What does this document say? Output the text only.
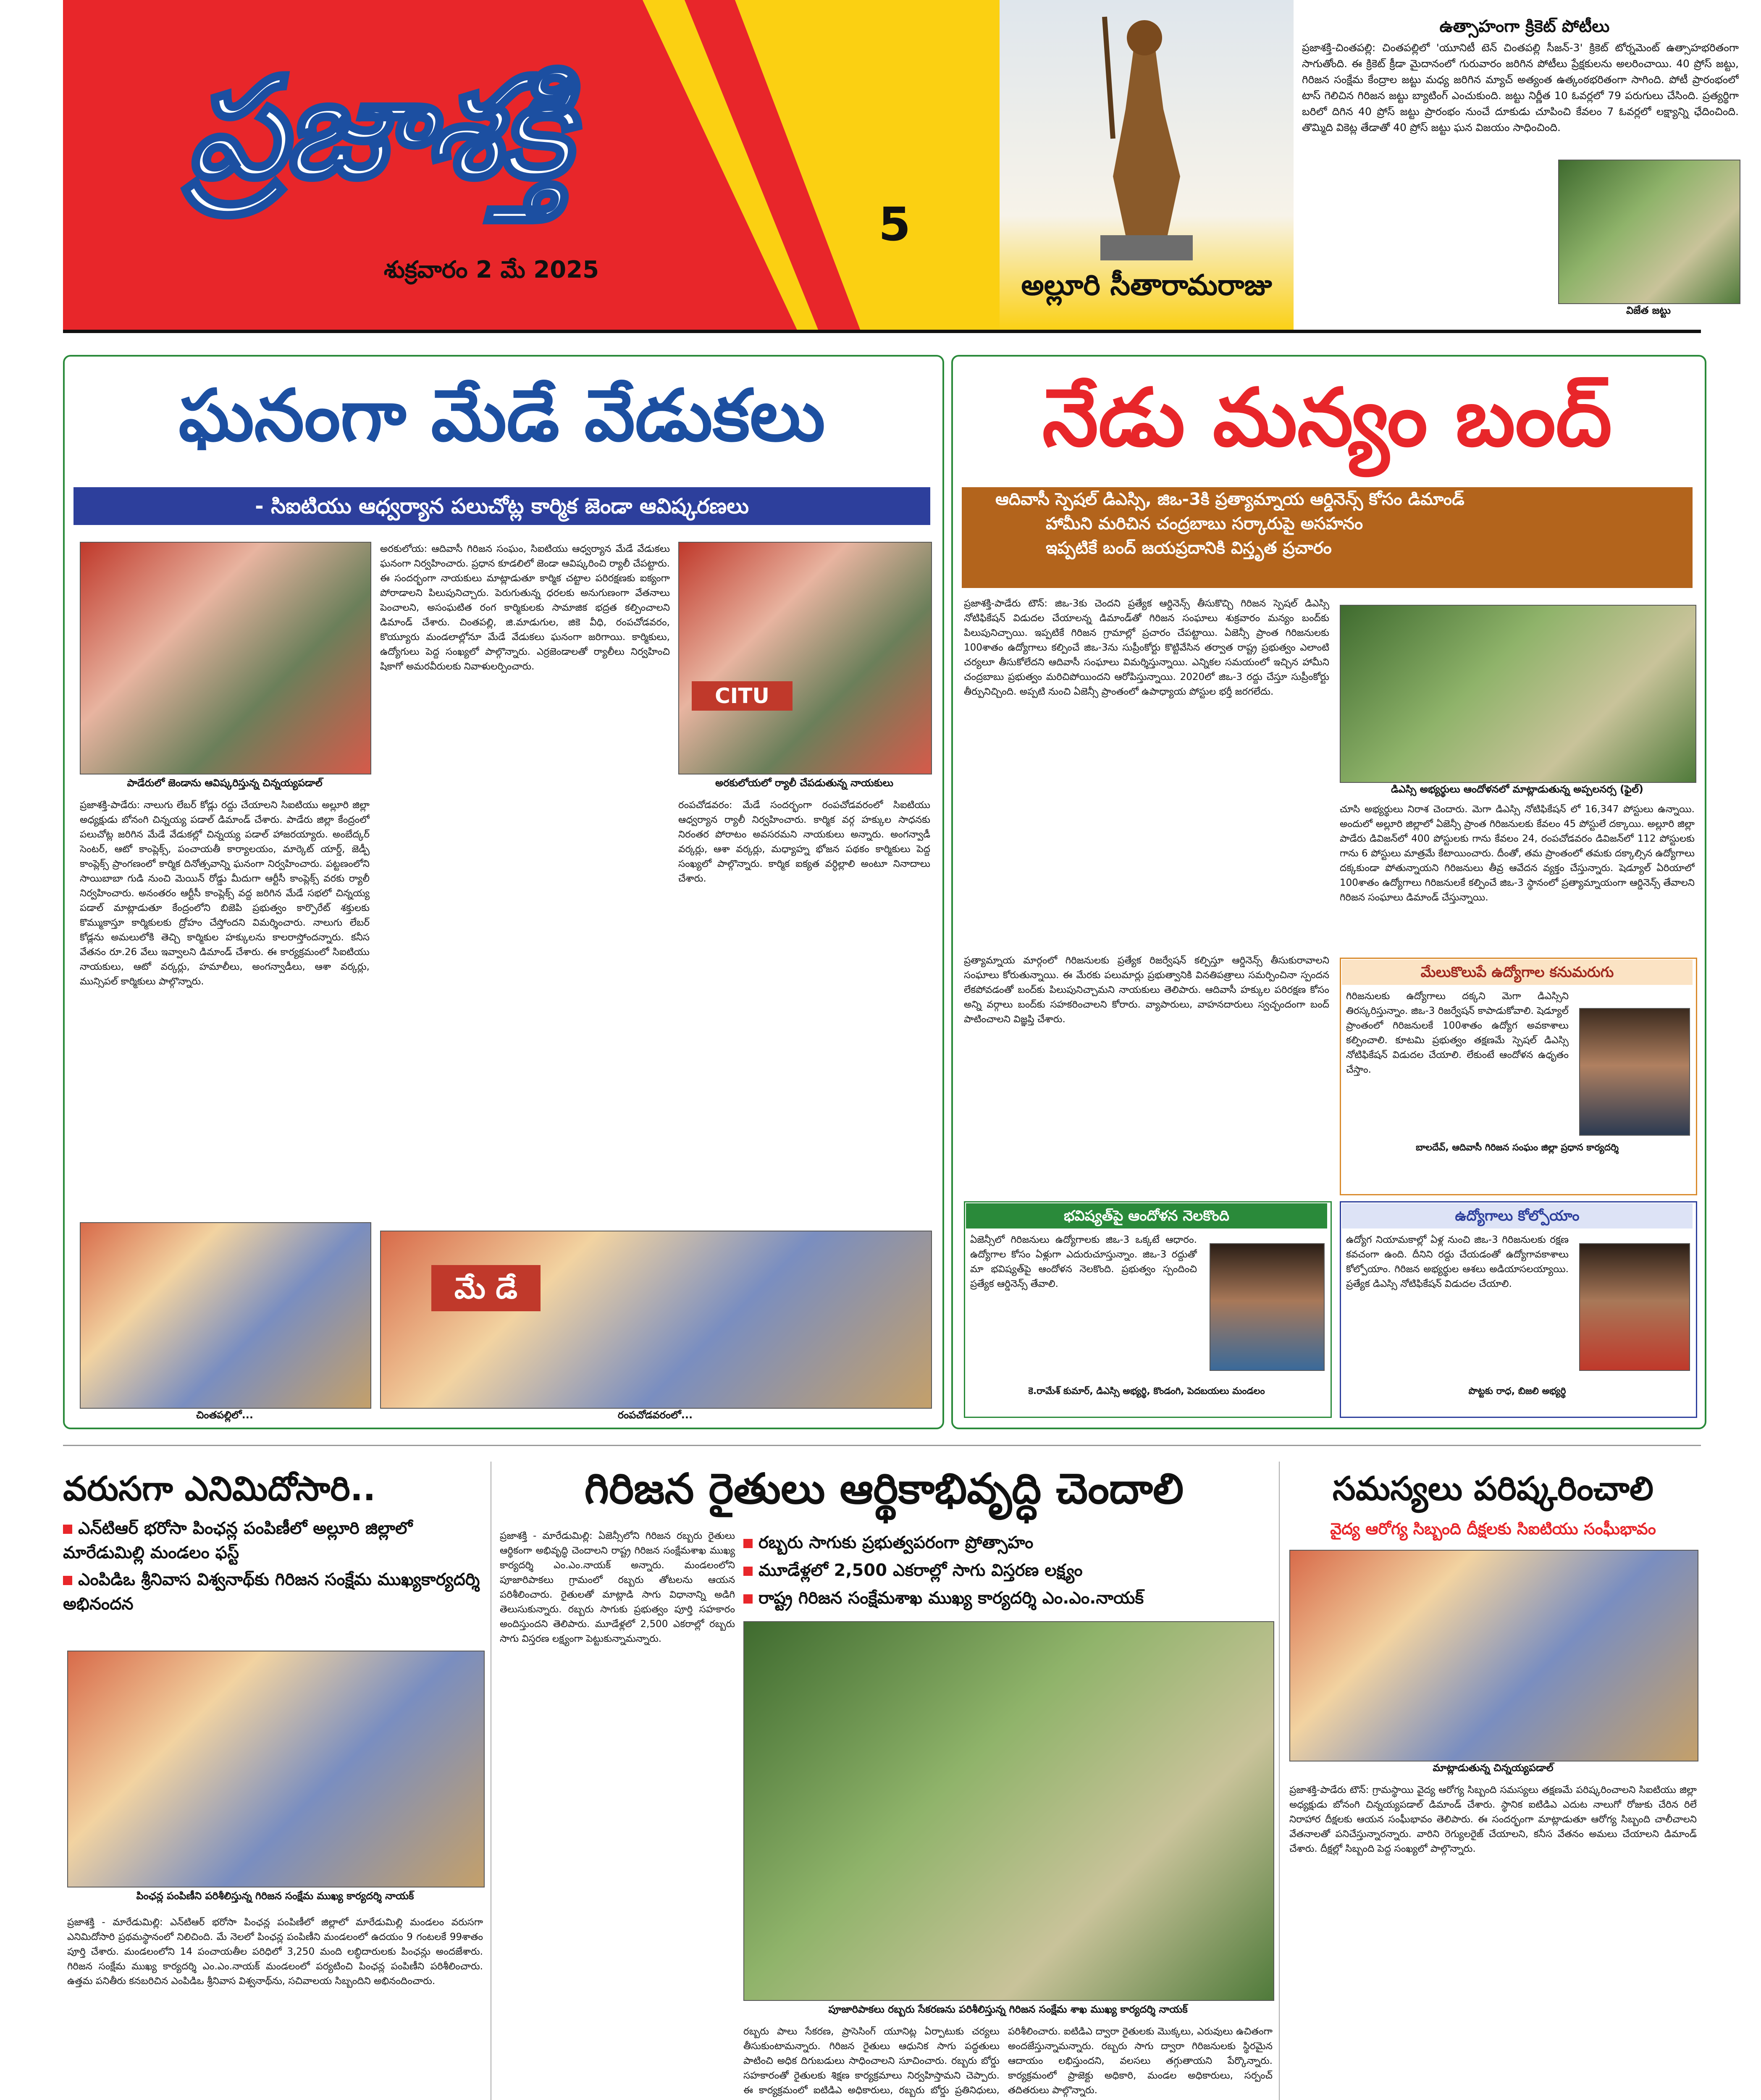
ప్రజాశక్తి
శుక్రవారం 2 మే 2025
5
అల్లూరి సీతారామరాజు
ఉత్సాహంగా క్రికెట్ పోటీలు
ప్రజాశక్తి-చింతపల్లి: చింతపల్లిలో 'యూనిటీ టెన్ చింతపల్లి సీజన్-3' క్రికెట్ టోర్నమెంట్ ఉత్సాహభరితంగా సాగుతోంది. ఈ క్రికెట్ క్రీడా మైదానంలో గురువారం జరిగిన పోటీలు ప్రేక్షకులను అలరించాయి. 40 ప్రోస్ జట్టు, గిరిజన సంక్షేమ కేంద్రాల జట్టు మధ్య జరిగిన మ్యాచ్ అత్యంత ఉత్కంఠభరితంగా సాగింది. పోటీ ప్రారంభంలో టాస్ గెలిచిన గిరిజన జట్టు బ్యాటింగ్ ఎంచుకుంది. జట్టు నిర్ణీత 10 ఓవర్లలో 79 పరుగులు చేసింది. ప్రత్యర్థిగా బరిలో దిగిన 40 ప్రోస్ జట్టు ప్రారంభం నుంచే దూకుడు చూపించి కేవలం 7 ఓవర్లలో లక్ష్యాన్ని ఛేదించింది. తొమ్మిది వికెట్ల తేడాతో 40 ప్రోస్ జట్టు ఘన విజయం సాధించింది.
విజేత జట్టు
ఘనంగా మేడే వేడుకలు
- సిఐటియు ఆధ్వర్యాన పలుచోట్ల కార్మిక జెండా ఆవిష్కరణలు
పాడేరులో జెండాను ఆవిష్కరిస్తున్న చిన్నయ్యపడాల్
ప్రజాశక్తి-పాడేరు: నాలుగు లేబర్ కోడ్లు రద్దు చేయాలని సిఐటియు అల్లూరి జిల్లా అధ్యక్షుడు బోనంగి చిన్నయ్య పడాల్ డిమాండ్ చేశారు. పాడేరు జిల్లా కేంద్రంలో పలుచోట్ల జరిగిన మేడే వేడుకల్లో చిన్నయ్య పడాల్ హాజరయ్యారు. అంబేద్కర్ సెంటర్, ఆటో కాంప్లెక్స్, పంచాయతీ కార్యాలయం, మార్కెట్ యార్డ్, జెడ్పీ కాంప్లెక్స్ ప్రాంగణంలో కార్మిక దినోత్సవాన్ని ఘనంగా నిర్వహించారు. పట్టణంలోని సాయిబాబా గుడి నుంచి మెయిన్ రోడ్డు మీదుగా ఆర్టీసీ కాంప్లెక్స్ వరకు ర్యాలీ నిర్వహించారు. అనంతరం ఆర్టీసీ కాంప్లెక్స్ వద్ద జరిగిన మేడే సభలో చిన్నయ్య పడాల్ మాట్లాడుతూ కేంద్రంలోని బిజెపి ప్రభుత్వం కార్పొరేట్ శక్తులకు కొమ్ముకాస్తూ కార్మికులకు ద్రోహం చేస్తోందని విమర్శించారు. నాలుగు లేబర్ కోడ్లను అమలులోకి తెచ్చి కార్మికుల హక్కులను కాలరాస్తోందన్నారు. కనీస వేతనం రూ.26 వేలు ఇవ్వాలని డిమాండ్ చేశారు. ఈ కార్యక్రమంలో సిఐటియు నాయకులు, ఆటో వర్కర్లు, హమాలీలు, అంగన్వాడీలు, ఆశా వర్కర్లు, మున్సిపల్ కార్మికులు పాల్గొన్నారు.
చింతపల్లిలో...
అరకులోయ: ఆదివాసీ గిరిజన సంఘం, సిఐటియు ఆధ్వర్యాన మేడే వేడుకలు ఘనంగా నిర్వహించారు. ప్రధాన కూడలిలో జెండా ఆవిష్కరించి ర్యాలీ చేపట్టారు. ఈ సందర్భంగా నాయకులు మాట్లాడుతూ కార్మిక చట్టాల పరిరక్షణకు ఐక్యంగా పోరాడాలని పిలుపునిచ్చారు. పెరుగుతున్న ధరలకు అనుగుణంగా వేతనాలు పెంచాలని, అసంఘటిత రంగ కార్మికులకు సామాజిక భద్రత కల్పించాలని డిమాండ్ చేశారు. చింతపల్లి, జి.మాడుగుల, జికె వీధి, రంపచోడవరం, కొయ్యూరు మండలాల్లోనూ మేడే వేడుకలు ఘనంగా జరిగాయి. కార్మికులు, ఉద్యోగులు పెద్ద సంఖ్యలో పాల్గొన్నారు. ఎర్రజెండాలతో ర్యాలీలు నిర్వహించి షికాగో అమరవీరులకు నివాళులర్పించారు.
CITU
అరకులోయలో ర్యాలీ చేపడుతున్న నాయకులు
రంపచోడవరం: మేడే సందర్భంగా రంపచోడవరంలో సిఐటియు ఆధ్వర్యాన ర్యాలీ నిర్వహించారు. కార్మిక వర్గ హక్కుల సాధనకు నిరంతర పోరాటం అవసరమని నాయకులు అన్నారు. అంగన్వాడీ వర్కర్లు, ఆశా వర్కర్లు, మధ్యాహ్న భోజన పథకం కార్మికులు పెద్ద సంఖ్యలో పాల్గొన్నారు. కార్మిక ఐక్యత వర్ధిల్లాలి అంటూ నినాదాలు చేశారు.
మే డే
రంపచోడవరంలో...
నేడు మన్యం బంద్
ఆదివాసీ స్పెషల్ డిఎస్సి, జిఒ-3కి ప్రత్యామ్నాయ ఆర్డినెన్స్ కోసం డిమాండ్
హామీని మరిచిన చంద్రబాబు సర్కారుపై అసహనం
ఇప్పటికే బంద్ జయప్రదానికి విస్తృత ప్రచారం
ప్రజాశక్తి-పాడేరు టౌన్: జిఒ-3కు చెంద‌ని ప్రత్యేక ఆర్డినెన్స్ తీసుకొచ్చి గిరిజన స్పెషల్ డిఎస్సి నోటిఫికేషన్ విడుదల చేయాలన్న డిమాండ్‌తో గిరిజన సంఘాలు శుక్రవారం మన్యం బంద్‌కు పిలుపునిచ్చాయి. ఇప్పటికే గిరిజన గ్రామాల్లో ప్రచారం చేపట్టాయి. ఏజెన్సీ ప్రాంత గిరిజనులకు 100శాతం ఉద్యోగాలు కల్పించే జిఒ-3ను సుప్రీంకోర్టు కొట్టివేసిన తర్వాత రాష్ట్ర ప్రభుత్వం ఎలాంటి చర్యలూ తీసుకోలేదని ఆదివాసీ సంఘాలు విమర్శిస్తున్నాయి. ఎన్నికల సమయంలో ఇచ్చిన హామీని చంద్రబాబు ప్రభుత్వం మరిచిపోయిందని ఆరోపిస్తున్నాయి. 2020లో జిఒ-3 రద్దు చేస్తూ సుప్రీంకోర్టు తీర్పునిచ్చింది. అప్పటి నుంచి ఏజెన్సీ ప్రాంతంలో ఉపాధ్యాయ పోస్టుల భర్తీ జరగలేదు.
డిఎస్సి అభ్యర్థులు ఆందోళనలో మాట్లాడుతున్న అప్పలనర్స (ఫైల్)
చూసి అభ్యర్థులు నిరాశ చెందారు. మెగా డిఎస్సి నోటిఫికేషన్ లో 16,347 పోస్టులు ఉన్నాయి. అందులో అల్లూరి జిల్లాలో ఏజెన్సీ ప్రాంత గిరిజనులకు కేవలం 45 పోస్టులే దక్కాయి. అల్లూరి జిల్లా పాడేరు డివిజన్‌లో 400 పోస్టులకు గాను కేవలం 24, రంపచోడవరం డివిజన్‌లో 112 పోస్టులకు గాను 6 పోస్టులు మాత్రమే కేటాయించారు. దీంతో, తమ ప్రాంతంలో తమకు దక్కాల్సిన ఉద్యోగాలు దక్కకుండా పోతున్నాయని గిరిజనులు తీవ్ర ఆవేదన వ్యక్తం చేస్తున్నారు. షెడ్యూల్ ఏరియాలో 100శాతం ఉద్యోగాలు గిరిజనులకే కల్పించే జిఒ-3 స్థానంలో ప్రత్యామ్నాయంగా ఆర్డినెన్స్ తేవాలని గిరిజన సంఘాలు డిమాండ్ చేస్తున్నాయి.
ప్రత్యామ్నాయ మార్గంలో గిరిజనులకు ప్రత్యేక రిజర్వేషన్ కల్పిస్తూ ఆర్డినెన్స్ తీసుకురావాలని సంఘాలు కోరుతున్నాయి. ఈ మేరకు పలుమార్లు ప్రభుత్వానికి వినతిపత్రాలు సమర్పించినా స్పందన లేకపోవడంతో బంద్‌కు పిలుపునిచ్చామని నాయకులు తెలిపారు. ఆదివాసీ హక్కుల పరిరక్షణ కోసం అన్ని వర్గాలు బంద్‌కు సహకరించాలని కోరారు. వ్యాపారులు, వాహనదారులు స్వచ్ఛందంగా బంద్ పాటించాలని విజ్ఞప్తి చేశారు.
మేలుకొలుపే ఉద్యోగాల కనుమరుగు
గిరిజనులకు ఉద్యోగాలు దక్కని మెగా డిఎస్సిని తిరస్కరిస్తున్నాం. జిఒ-3 రిజర్వేషన్ కాపాడుకోవాలి. షెడ్యూల్ ప్రాంతంలో గిరిజనులకే 100శాతం ఉద్యోగ అవకాశాలు కల్పించాలి. కూటమి ప్రభుత్వం తక్షణమే స్పెషల్ డిఎస్సి నోటిఫికేషన్ విడుదల చేయాలి. లేకుంటే ఆందోళన ఉధృతం చేస్తాం.
బాలదేవ్, ఆదివాసీ గిరిజన సంఘం జిల్లా ప్రధాన కార్యదర్శి
భవిష్యత్‌పై ఆందోళన నెలకొంది
ఏజెన్సీలో గిరిజనులు ఉద్యోగాలకు జిఒ-3 ఒక్కటే ఆధారం. ఉద్యోగాల కోసం ఏళ్లుగా ఎదురుచూస్తున్నాం. జిఒ-3 రద్దుతో మా భవిష్యత్‌పై ఆందోళన నెలకొంది. ప్రభుత్వం స్పందించి ప్రత్యేక ఆర్డినెన్స్ తేవాలి.
కె.రామేశ్ కుమార్, డిఎస్సి అభ్యర్థి, కొండంగి, పెదబయలు మండలం
ఉద్యోగాలు కోల్పోయాం
ఉద్యోగ నియామకాల్లో ఏళ్ల నుంచి జిఒ-3 గిరిజనులకు రక్షణ కవచంగా ఉంది. దీనిని రద్దు చేయడంతో ఉద్యోగావకాశాలు కోల్పోయాం. గిరిజన అభ్యర్థుల ఆశలు అడియాసలయ్యాయి. ప్రత్యేక డిఎస్సి నోటిఫికేషన్ విడుదల చేయాలి.
పొట్టకు రాధ, బిజలి అభ్యర్థి
వరుసగా ఎనిమిదోసారి..
ఎన్‌టిఆర్ భరోసా పింఛన్ల పంపిణీలో అల్లూరి జిల్లాలో మారేడుమిల్లి మండలం ఫస్ట్
ఎంపిడిఒ శ్రీనివాస విశ్వనాథ్‌కు గిరిజన సంక్షేమ ముఖ్యకార్యదర్శి అభినందన
పింఛన్ల పంపిణీని పరిశీలిస్తున్న గిరిజన సంక్షేమ ముఖ్య కార్యదర్శి నాయక్
ప్రజాశక్తి - మారేడుమిల్లి: ఎన్‌టిఆర్ భరోసా పింఛన్ల పంపిణీలో జిల్లాలో మారేడుమిల్లి మండలం వరుసగా ఎనిమిదోసారి ప్రథమస్థానంలో నిలిచింది. మే నెలలో పింఛన్ల పంపిణీని మండలంలో ఉదయం 9 గంటలకే 99శాతం పూర్తి చేశారు. మండలంలోని 14 పంచాయతీల పరిధిలో 3,250 మంది లబ్ధిదారులకు పింఛన్లు అందజేశారు. గిరిజన సంక్షేమ ముఖ్య కార్యదర్శి ఎం.ఎం.నాయక్ మండలంలో పర్యటించి పింఛన్ల పంపిణీని పరిశీలించారు. ఉత్తమ పనితీరు కనబరిచిన ఎంపిడిఒ శ్రీనివాస విశ్వనాథ్‌ను, సచివాలయ సిబ్బందిని అభినందించారు.
గిరిజన రైతులు ఆర్థికాభివృద్ధి చెందాలి
ప్రజాశక్తి - మారేడుమిల్లి: ఏజెన్సీలోని గిరిజన రబ్బరు రైతులు ఆర్థికంగా అభివృద్ధి చెందాలని రాష్ట్ర గిరిజన సంక్షేమశాఖ ముఖ్య కార్యదర్శి ఎం.ఎం.నాయక్ అన్నారు. మండలంలోని పూజారిపాకలు గ్రామంలో రబ్బరు తోటలను ఆయన పరిశీలించారు. రైతులతో మాట్లాడి సాగు విధానాన్ని అడిగి తెలుసుకున్నారు. రబ్బరు సాగుకు ప్రభుత్వం పూర్తి సహకారం అందిస్తుందని తెలిపారు. మూడేళ్లలో 2,500 ఎకరాల్లో రబ్బరు సాగు విస్తరణ లక్ష్యంగా పెట్టుకున్నామన్నారు.
రబ్బరు సాగుకు ప్రభుత్వపరంగా ప్రోత్సాహం
మూడేళ్లలో 2,500 ఎకరాల్లో సాగు విస్తరణ లక్ష్యం
రాష్ట్ర గిరిజన సంక్షేమశాఖ ముఖ్య కార్యదర్శి ఎం.ఎం.నాయక్
పూజారిపాకలు రబ్బరు సేకరణను పరిశీలిస్తున్న గిరిజన సంక్షేమ శాఖ ముఖ్య కార్యదర్శి నాయక్
రబ్బరు పాలు సేకరణ, ప్రాసెసింగ్ యూనిట్ల ఏర్పాటుకు చర్యలు తీసుకుంటామన్నారు. గిరిజన రైతులు ఆధునిక సాగు పద్ధతులు పాటించి అధిక దిగుబడులు సాధించాలని సూచించారు. రబ్బరు బోర్డు సహకారంతో రైతులకు శిక్షణ కార్యక్రమాలు నిర్వహిస్తామని చెప్పారు. ఈ కార్యక్రమంలో ఐటిడిఎ అధికారులు, రబ్బరు బోర్డు ప్రతినిధులు,
పరిశీలించారు. ఐటిడిఎ ద్వారా రైతులకు మొక్కలు, ఎరువులు ఉచితంగా అందజేస్తున్నామన్నారు. రబ్బరు సాగు ద్వారా గిరిజనులకు స్థిరమైన ఆదాయం లభిస్తుందని, వలసలు తగ్గుతాయని పేర్కొన్నారు. కార్యక్రమంలో ప్రాజెక్టు అధికారి, మండల అధికారులు, సర్పంచ్ తదితరులు పాల్గొన్నారు.
సమస్యలు పరిష్కరించాలి
వైద్య ఆరోగ్య సిబ్బంది దీక్షలకు సిఐటియు సంఘీభావం
మాట్లాడుతున్న చిన్నయ్యపడాల్
ప్రజాశక్తి-పాడేరు టౌన్: గ్రామస్థాయి వైద్య ఆరోగ్య సిబ్బంది సమస్యలు తక్షణమే పరిష్కరించాలని సిఐటియు జిల్లా అధ్యక్షుడు బోనంగి చిన్నయ్యపడాల్ డిమాండ్ చేశారు. స్థానిక ఐటిడిఎ ఎదుట నాలుగో రోజుకు చేరిన రిలే నిరాహార దీక్షలకు ఆయన సంఘీభావం తెలిపారు. ఈ సందర్భంగా మాట్లాడుతూ ఆరోగ్య సిబ్బంది చాలీచాలని వేతనాలతో పనిచేస్తున్నారన్నారు. వారిని రెగ్యులరైజ్ చేయాలని, కనీస వేతనం అమలు చేయాలని డిమాండ్ చేశారు. దీక్షల్లో సిబ్బంది పెద్ద సంఖ్యలో పాల్గొన్నారు.
